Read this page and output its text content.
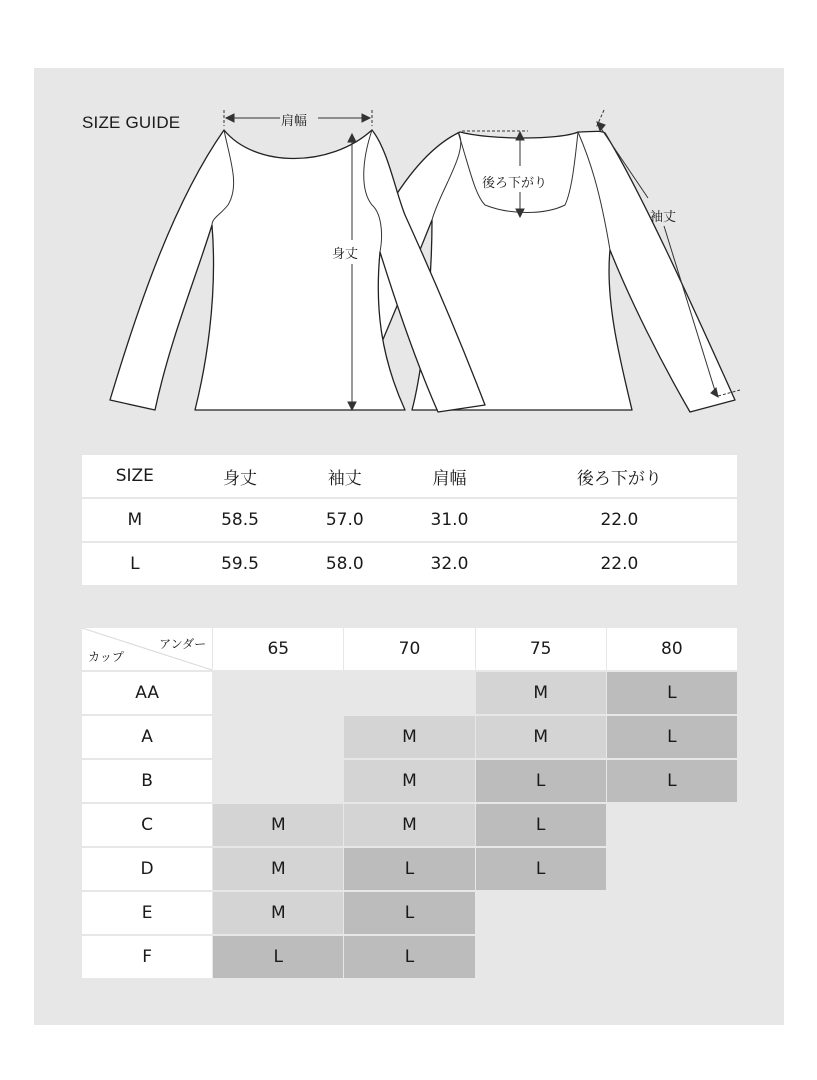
SIZE GUIDE	肩幅
身丈
後ろ下がり
袖丈
SIZE	身丈	袖丈	肩幅	後ろ下がり

M	58.5	57.0	31.0	22.0

L	59.5	58.0	32.0	22.0
アンダー
カップ	65	70	75	80
AA			M	L
A		M	M	L
B		M	L	L
C	M	M	L	
D	M	L	L	
E	M	L		
F	L	L		
